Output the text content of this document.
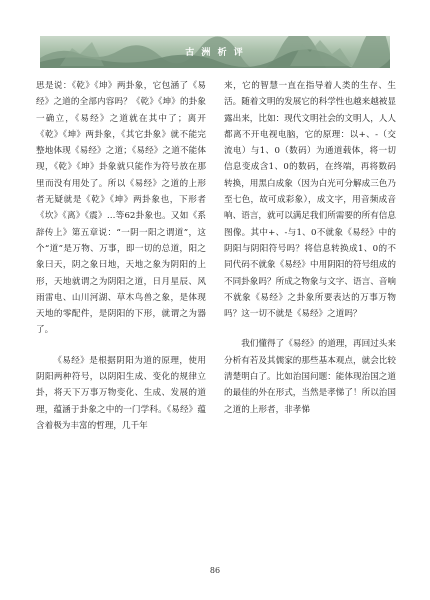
古 洲 析 评

思是说：《乾》《坤》两卦象，它包涵了《易经》之道的全部内容吗？《乾》《坤》的卦象一确立，《易经》之道就在其中了；离开《乾》《坤》两卦象，《其它卦象》就不能完整地体现《易经》之道；《易经》之道不能体现，《乾》《坤》卦象就只能作为符号放在那里而没有用处了。所以《易经》之道的上形者无疑就是《乾》《坤》两卦象也，下形者《坎》《离》《震》…等62卦象也。又如《系辞传上》第五章说：“一阴一阳之谓道”，这个“道”是万物、万事，即一切的总道，阳之象曰天，阴之象曰地，天地之象为阴阳的上形，天地就谓之为阴阳之道，日月星辰、风雨雷电、山川河湖、草木鸟兽之象，是体现天地的零配件，是阴阳的下形，就谓之为器了。

《易经》是根据阴阳为道的原理，使用阴阳两种符号，以阴阳生成、变化的规律立卦，将天下万事万物变化、生成、发展的道理，蕴涵于卦象之中的一门学科。《易经》蕴含着极为丰富的哲理，几千年

来，它的智慧一直在指导着人类的生存、生活。随着文明的发展它的科学性也越来越被显露出来，比如：现代文明社会的文明人，人人都离不开电视电脑，它的原理：以+、-（交流电）与1、0（数码）为通道载体，将一切信息变成含1、0的数码，在终端，再将数码转换，用黑白成象（因为白光可分解成三色乃至七色，故可成彩象），成文字，用音频成音响、语言，就可以满足我们所需要的所有信息图像。其中+、-与1、0不就象《易经》中的阴阳与阴阳符号吗？将信息转换成1、0的不同代码不就象《易经》中用阴阳的符号组成的不同卦象吗？所成之物象与文字、语言、音响不就象《易经》之卦象所要表达的万事万物吗？这一切不就是《易经》之道吗？

我们懂得了《易经》的道理，再回过头来分析有若及其儒家的那些基本观点，就会比较清楚明白了。比如治国问题：能体现治国之道的最佳的外在形式，当然是孝悌了！所以治国之道的上形者，非孝悌

86
